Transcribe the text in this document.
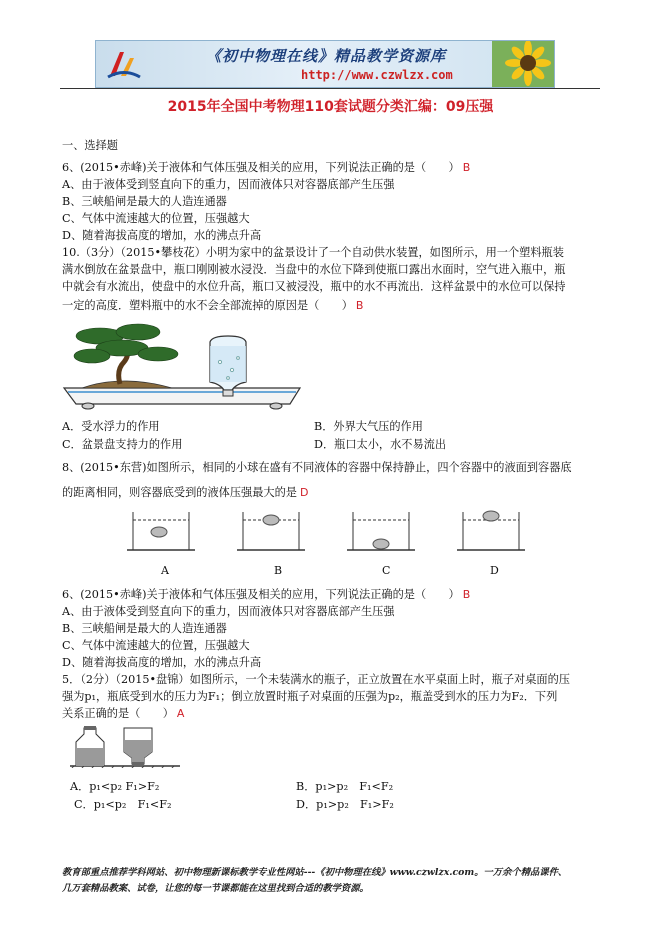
《初中物理在线》精品教学资源库
http://www.czwlzx.com
2015年全国中考物理110套试题分类汇编：09压强
一、选择题
6、(2015•赤峰)关于液体和气体压强及相关的应用，下列说法正确的是（　　） B
A、由于液体受到竖直向下的重力，因而液体只对容器底部产生压强
B、三峡船闸是最大的人造连通器
C、气体中流速越大的位置，压强越大
D、随着海拔高度的增加，水的沸点升高
10.（3分）（2015•攀枝花）小明为家中的盆景设计了一个自动供水装置，如图所示，用一个塑料瓶装
满水倒放在盆景盘中，瓶口刚刚被水浸没．当盘中的水位下降到使瓶口露出水面时，空气进入瓶中，瓶
中就会有水流出，使盘中的水位升高，瓶口又被浸没，瓶中的水不再流出．这样盆景中的水位可以保持
一定的高度．塑料瓶中的水不会全部流掉的原因是（　　） B
A．受水浮力的作用	B．外界大气压的作用
C．盆景盘支持力的作用	D．瓶口太小，水不易流出
8、(2015•东营)如图所示，相同的小球在盛有不同液体的容器中保持静止，四个容器中的液面到容器底
的距离相同，则容器底受到的液体压强最大的是 D
A	B	C	D
6、(2015•赤峰)关于液体和气体压强及相关的应用，下列说法正确的是（　　） B
A、由于液体受到竖直向下的重力，因而液体只对容器底部产生压强
B、三峡船闸是最大的人造连通器
C、气体中流速越大的位置，压强越大
D、随着海拔高度的增加，水的沸点升高
5．（2分）（2015•盘锦）如图所示，一个未装满水的瓶子，正立放置在水平桌面上时，瓶子对桌面的压
强为p₁，瓶底受到水的压力为F₁；倒立放置时瓶子对桌面的压强为p₂，瓶盖受到水的压力为F₂．下列
关系正确的是（　　） A
A．p₁<p₂ F₁>F₂	B．p₁>p₂　F₁<F₂
C．p₁<p₂　F₁<F₂	D．p₁>p₂　F₁>F₂
教育部重点推荐学科网站、初中物理新课标教学专业性网站---《初中物理在线》www.czwlzx.com。一万余个精品课件、
几万套精品教案、试卷，让您的每一节课都能在这里找到合适的教学资源。
